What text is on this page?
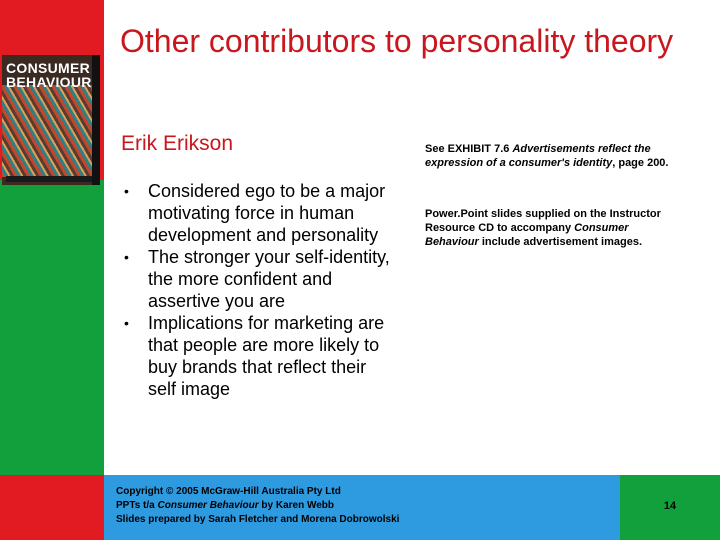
CONSUMER
BEHAVIOUR
Other contributors to personality theory
Erik Erikson
• Considered ego to be a major motivating force in human development and personality
• The stronger your self-identity, the more confident and assertive you are
• Implications for marketing are that people are more likely to buy brands that reflect their self image
See EXHIBIT 7.6 Advertisements reflect the expression of a consumer's identity, page 200.
Power.Point slides supplied on the Instructor Resource CD to accompany Consumer Behaviour include advertisement images.
Copyright © 2005 McGraw-Hill Australia Pty Ltd
PPTs t/a Consumer Behaviour by Karen Webb
Slides prepared by Sarah Fletcher and Morena Dobrowolski
14
